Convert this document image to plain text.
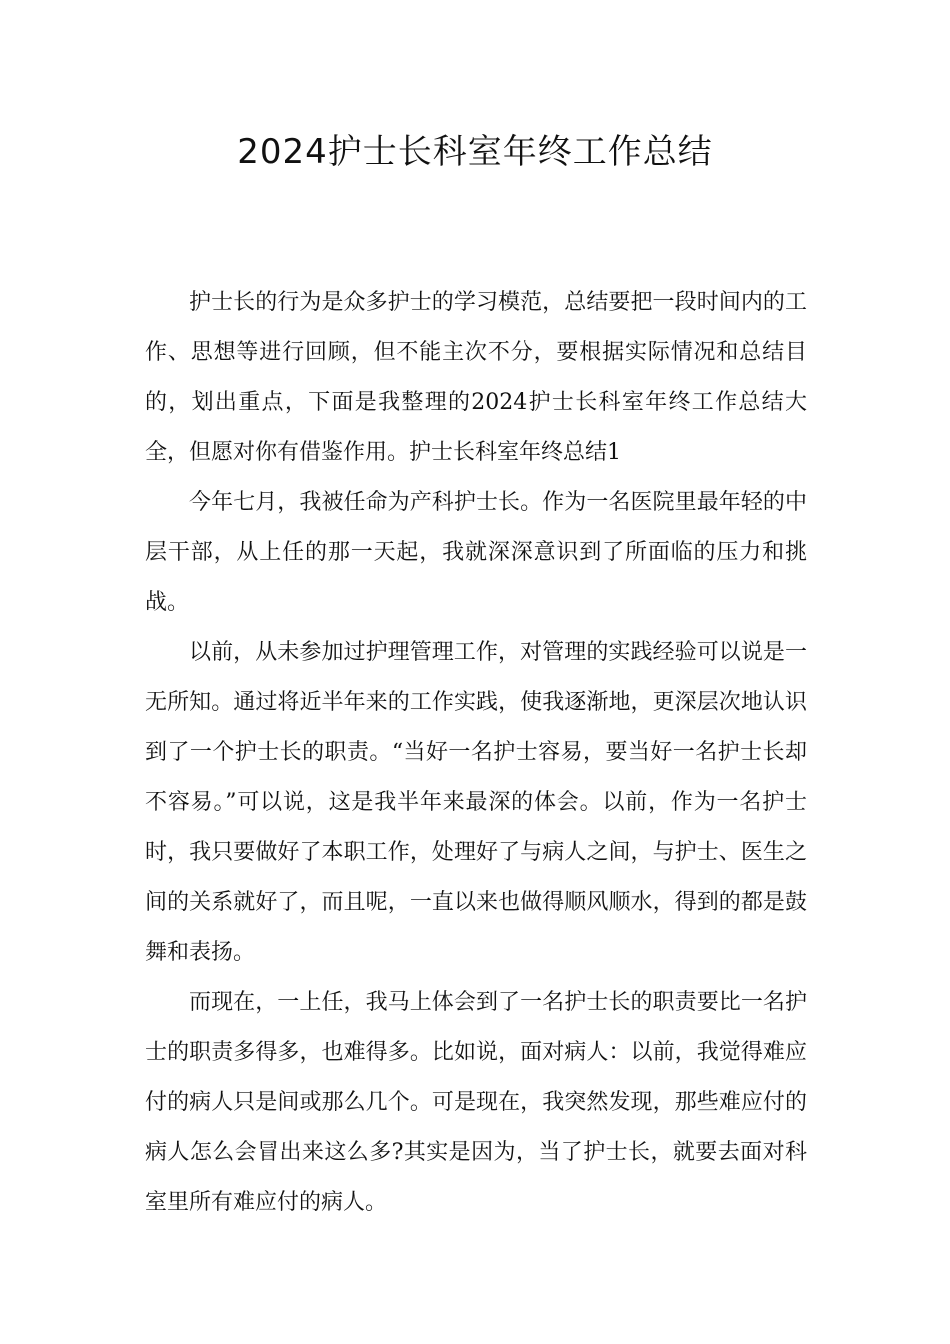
2024护士长科室年终工作总结

护士长的行为是众多护士的学习模范，总结要把一段时间内的工作、思想等进行回顾，但不能主次不分，要根据实际情况和总结目的，划出重点，下面是我整理的2024护士长科室年终工作总结大全，但愿对你有借鉴作用。护士长科室年终总结1

今年七月，我被任命为产科护士长。作为一名医院里最年轻的中层干部，从上任的那一天起，我就深深意识到了所面临的压力和挑战。

以前，从未参加过护理管理工作，对管理的实践经验可以说是一无所知。通过将近半年来的工作实践，使我逐渐地，更深层次地认识到了一个护士长的职责。“当好一名护士容易，要当好一名护士长却不容易。”可以说，这是我半年来最深的体会。以前，作为一名护士时，我只要做好了本职工作，处理好了与病人之间，与护士、医生之间的关系就好了，而且呢，一直以来也做得顺风顺水，得到的都是鼓舞和表扬。

而现在，一上任，我马上体会到了一名护士长的职责要比一名护士的职责多得多，也难得多。比如说，面对病人：以前，我觉得难应付的病人只是间或那么几个。可是现在，我突然发现，那些难应付的病人怎么会冒出来这么多?其实是因为，当了护士长，就要去面对科室里所有难应付的病人。
